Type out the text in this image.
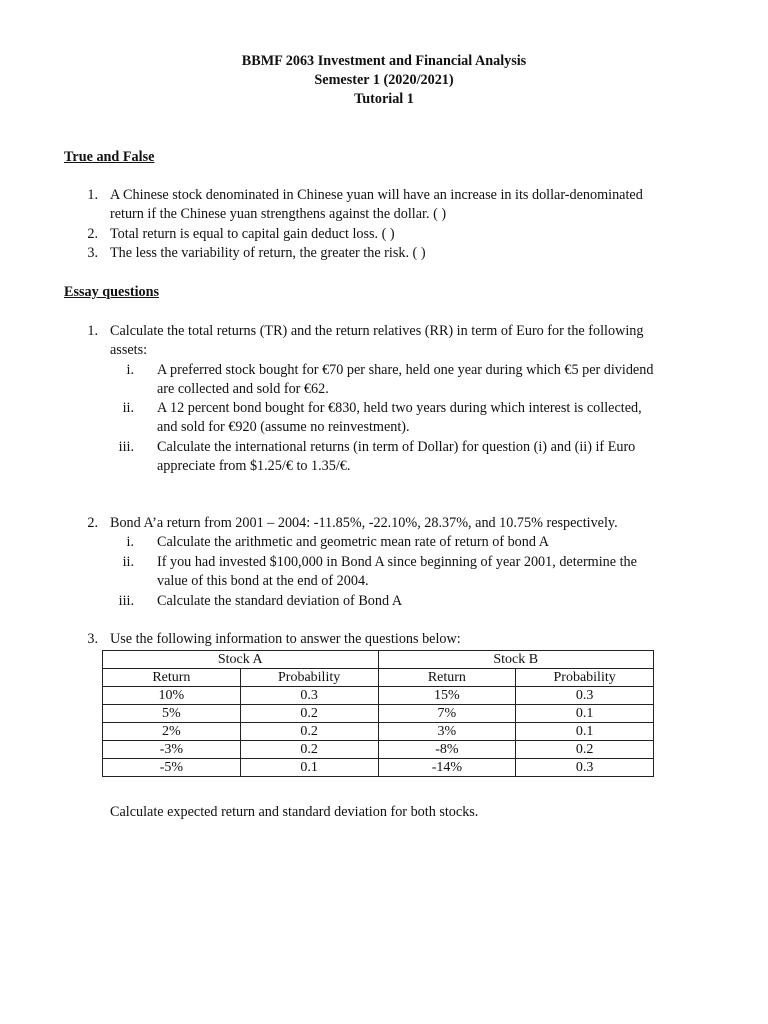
BBMF 2063 Investment and Financial Analysis
Semester 1 (2020/2021)
Tutorial 1
True and False
1. A Chinese stock denominated in Chinese yuan will have an increase in its dollar-denominated
return if the Chinese yuan strengthens against the dollar. ( )
2. Total return is equal to capital gain deduct loss. ( )
3. The less the variability of return, the greater the risk. ( )
Essay questions
1. Calculate the total returns (TR) and the return relatives (RR) in term of Euro for the following
assets:
i. A preferred stock bought for €70 per share, held one year during which €5 per dividend
are collected and sold for €62.
ii. A 12 percent bond bought for €830, held two years during which interest is collected,
and sold for €920 (assume no reinvestment).
iii. Calculate the international returns (in term of Dollar) for question (i) and (ii) if Euro
appreciate from $1.25/€ to 1.35/€.
2. Bond A’a return from 2001 – 2004: -11.85%, -22.10%, 28.37%, and 10.75% respectively.
i. Calculate the arithmetic and geometric mean rate of return of bond A
ii. If you had invested $100,000 in Bond A since beginning of year 2001, determine the
value of this bond at the end of 2004.
iii. Calculate the standard deviation of Bond A
3. Use the following information to answer the questions below:
Stock A		Stock B	
Return	Probability	Return	Probability
10%	0.3	15%	0.3
5%	0.2	7%	0.1
2%	0.2	3%	0.1
-3%	0.2	-8%	0.2
-5%	0.1	-14%	0.3
Calculate expected return and standard deviation for both stocks.
